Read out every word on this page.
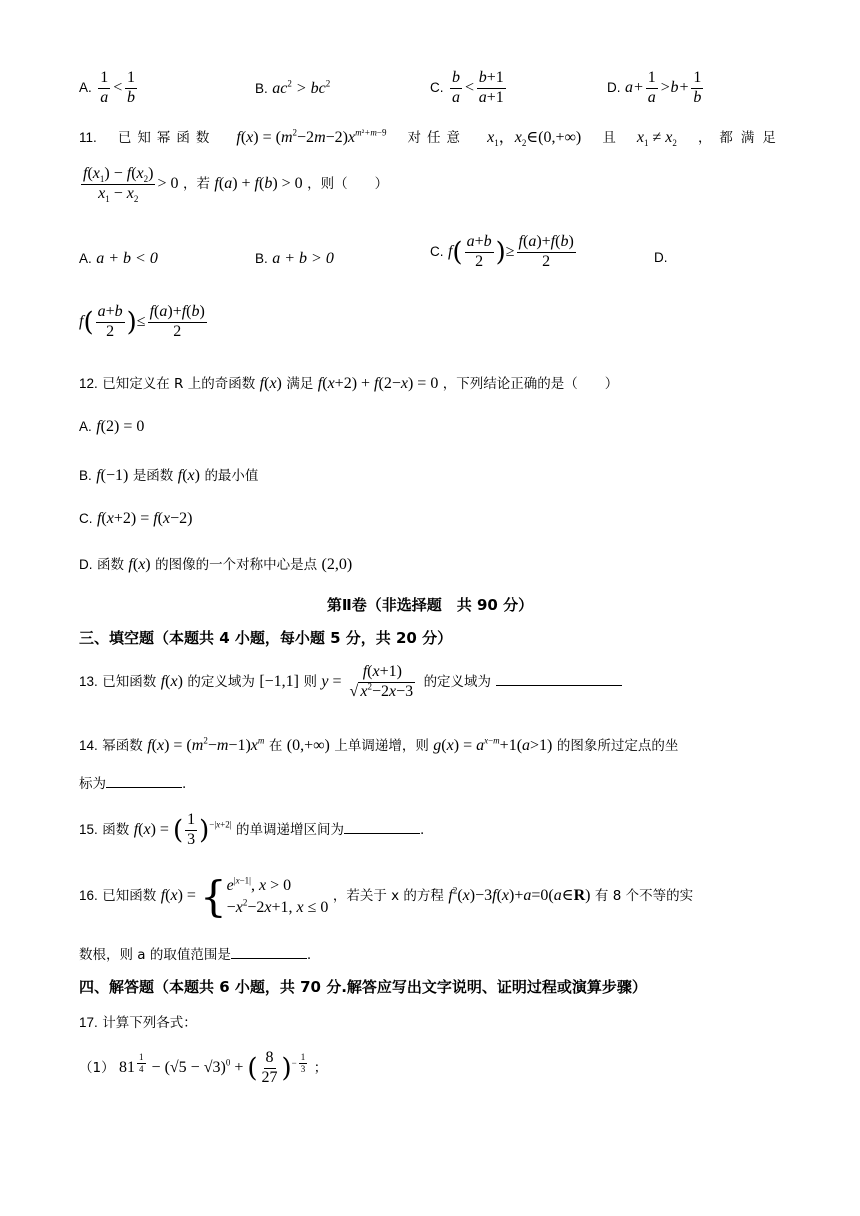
A. $\frac{1}{a} < \frac{1}{b}$	B. $ac^2 > bc^2$	C. $\frac{b}{a} < \frac{b+1}{a+1}$	D. $a+ \frac{1}{a} >b+ \frac{1}{b}$
11. 已知幂函数 $f(x) = (m^2-2m-2)x^{m^2+m-9}$ 对任意 $x_1$，$x_2\in(0,+\infty)$ 且 $x_1 \ne x_2$ ，都满足
$\frac{f(x_1) - f(x_2)}{x_1 - x_2} > 0$ ，若 f(a) + f(b) > 0 ，则（　　）
A. a + b < 0	B. a + b > 0	C. $f( \frac{a+b}{2}$ )≥ $\frac{f(a)+f(b)}{2}$	D.
$f( \frac{a+b}{2}$ )≤ $\frac{f(a)+f(b)}{2}$
12. 已知定义在 R 上的奇函数 f(x) 满足 f(x+2) + f(2−x) = 0 ，下列结论正确的是（　　）
A. f(2) = 0
B. f(−1) 是函数 f(x) 的最小值
C. f(x+2) = f(x−2)
D. 函数 f(x) 的图像的一个对称中心是点 (2,0)
第Ⅱ卷（非选择题　共 90 分）
三、填空题（本题共 4 小题，每小题 5 分，共 20 分）
13. 已知函数 f(x) 的定义域为 [−1,1] 则 $y = \frac{f(x+1)}{√ x^2-2x-3}$ 的定义域为
14. 幂函数 $f(x) = (m^2-m-1)x^m$ 在 (0,+∞) 上单调递增，则 $g(x) = a^{x-m}+1(a>1)$ 的图象所过定点的坐
标为	.
15. 函数 f(x) = ( $\frac{1}{3} )^{-|x+2|}$ 的单调递增区间为	.
16. 已知函数 f(x) = { $e^{|x-1|}$, x > 0
$-x^2-2x+1$, x ≤ 0
，若关于 x 的方程 $f^2(x)-3f(x)+a=0(a\in R)$ 有 8 个不等的实
数根，则 a 的取值范围是	.
四、解答题（本题共 6 小题，共 70 分.解答应写出文字说明、证明过程或演算步骤）
17. 计算下列各式：
（1） 81 $^{\frac{1}{4}} - (√5 - √3)^0$ + ( $\frac{8}{27} )^{- \frac{1}{3}}$ ；
